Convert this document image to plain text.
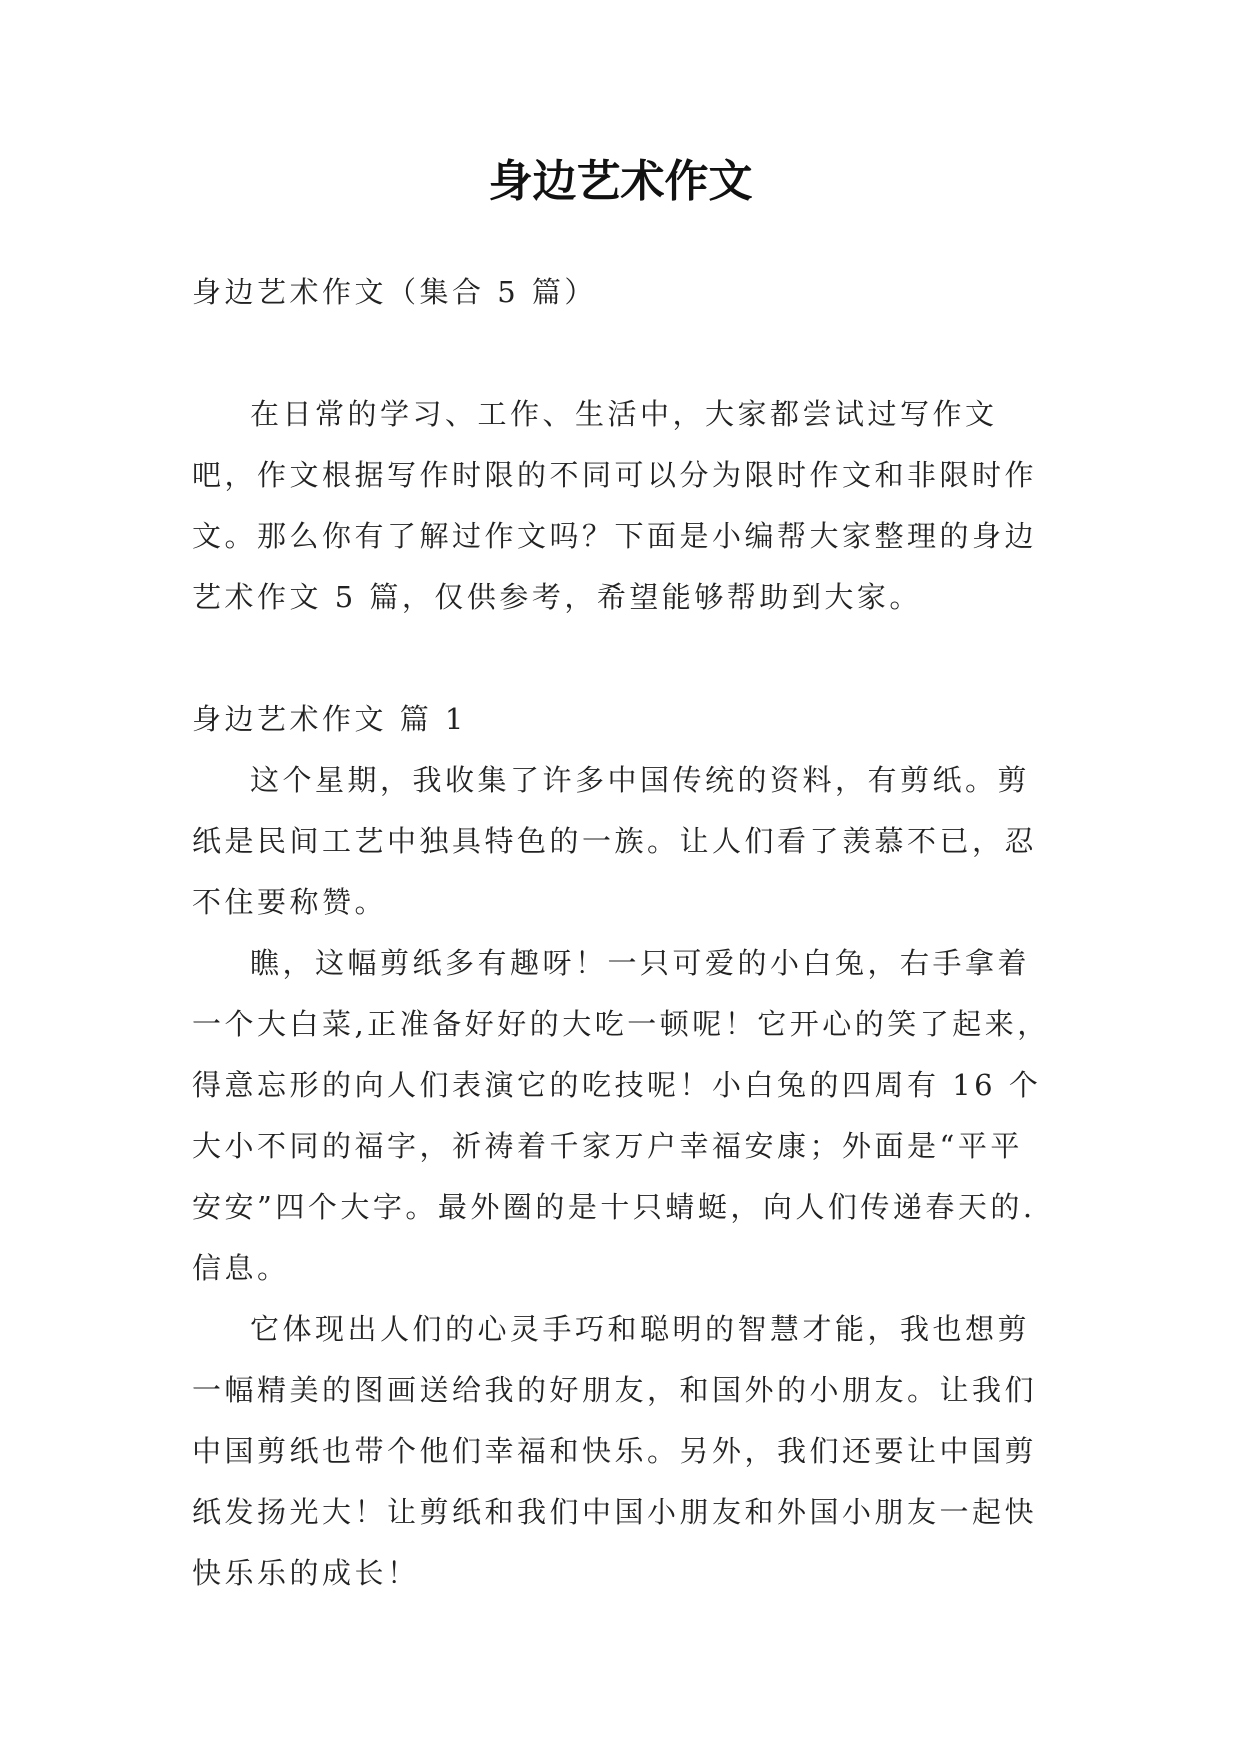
身边艺术作文

身边艺术作文（集合 5 篇）

在日常的学习、工作、生活中，大家都尝试过写作文吧，作文根据写作时限的不同可以分为限时作文和非限时作文。那么你有了解过作文吗？下面是小编帮大家整理的身边艺术作文 5 篇，仅供参考，希望能够帮助到大家。

身边艺术作文 篇 1

这个星期，我收集了许多中国传统的资料，有剪纸。剪纸是民间工艺中独具特色的一族。让人们看了羡慕不已，忍不住要称赞。

瞧，这幅剪纸多有趣呀！一只可爱的小白兔，右手拿着一个大白菜,正准备好好的大吃一顿呢！它开心的笑了起来，得意忘形的向人们表演它的吃技呢！小白兔的四周有 16 个大小不同的福字，祈祷着千家万户幸福安康；外面是“平平安安”四个大字。最外圈的是十只蜻蜓，向人们传递春天的.信息。

它体现出人们的心灵手巧和聪明的智慧才能，我也想剪一幅精美的图画送给我的好朋友，和国外的小朋友。让我们中国剪纸也带个他们幸福和快乐。另外，我们还要让中国剪纸发扬光大！让剪纸和我们中国小朋友和外国小朋友一起快快乐乐的成长！
